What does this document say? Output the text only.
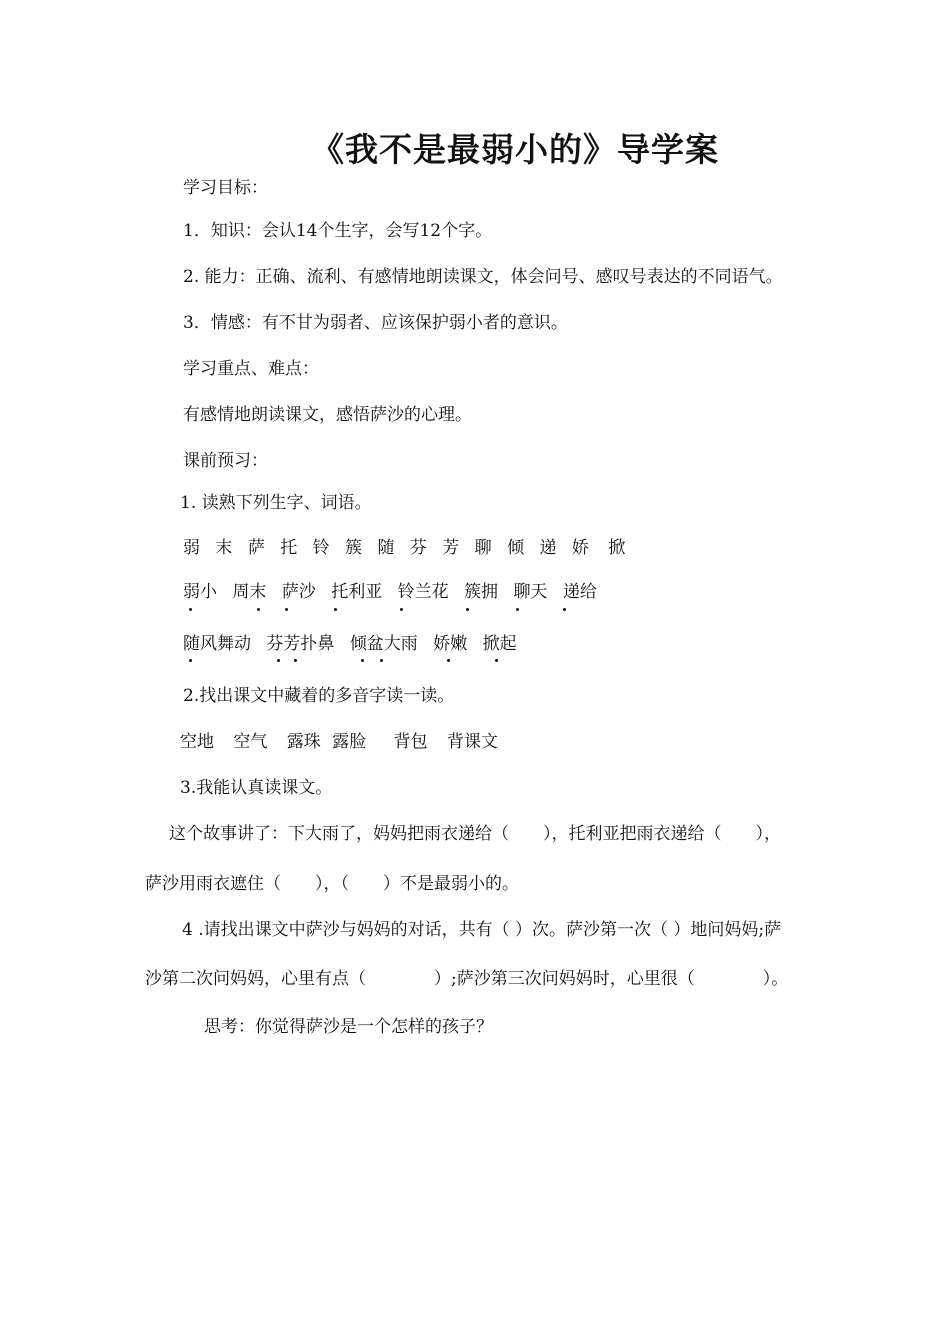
《我不是最弱小的》导学案
学习目标：
1．知识：会认14个生字，会写12个字。
2. 能力：正确、流利、有感情地朗读课文，体会问号、感叹号表达的不同语气。
3．情感：有不甘为弱者、应该保护弱小者的意识。
学习重点、难点：
有感情地朗读课文，感悟萨沙的心理。
课前预习：
1. 读熟下列生字、词语。
弱 末 萨 托 铃 簇 随 芬 芳 聊 倾 递 娇 掀
弱小 周末 萨沙 托利亚 铃兰花 簇拥 聊天 递给
随风舞动 芬芳扑鼻 倾盆大雨 娇嫩 掀起
2.找出课文中藏着的多音字读一读。
空地 空气 露珠 露脸 背包 背课文
3.我能认真读课文。
这个故事讲了：下大雨了，妈妈把雨衣递给（　　），托利亚把雨衣递给（　　），
萨沙用雨衣遮住（　　），（　　）不是最弱小的。
4 .请找出课文中萨沙与妈妈的对话，共有（ ）次。萨沙第一次（ ）地问妈妈;萨
沙第二次问妈妈，心里有点（　　　　）;萨沙第三次问妈妈时，心里很（　　　　）。
思考：你觉得萨沙是一个怎样的孩子？
